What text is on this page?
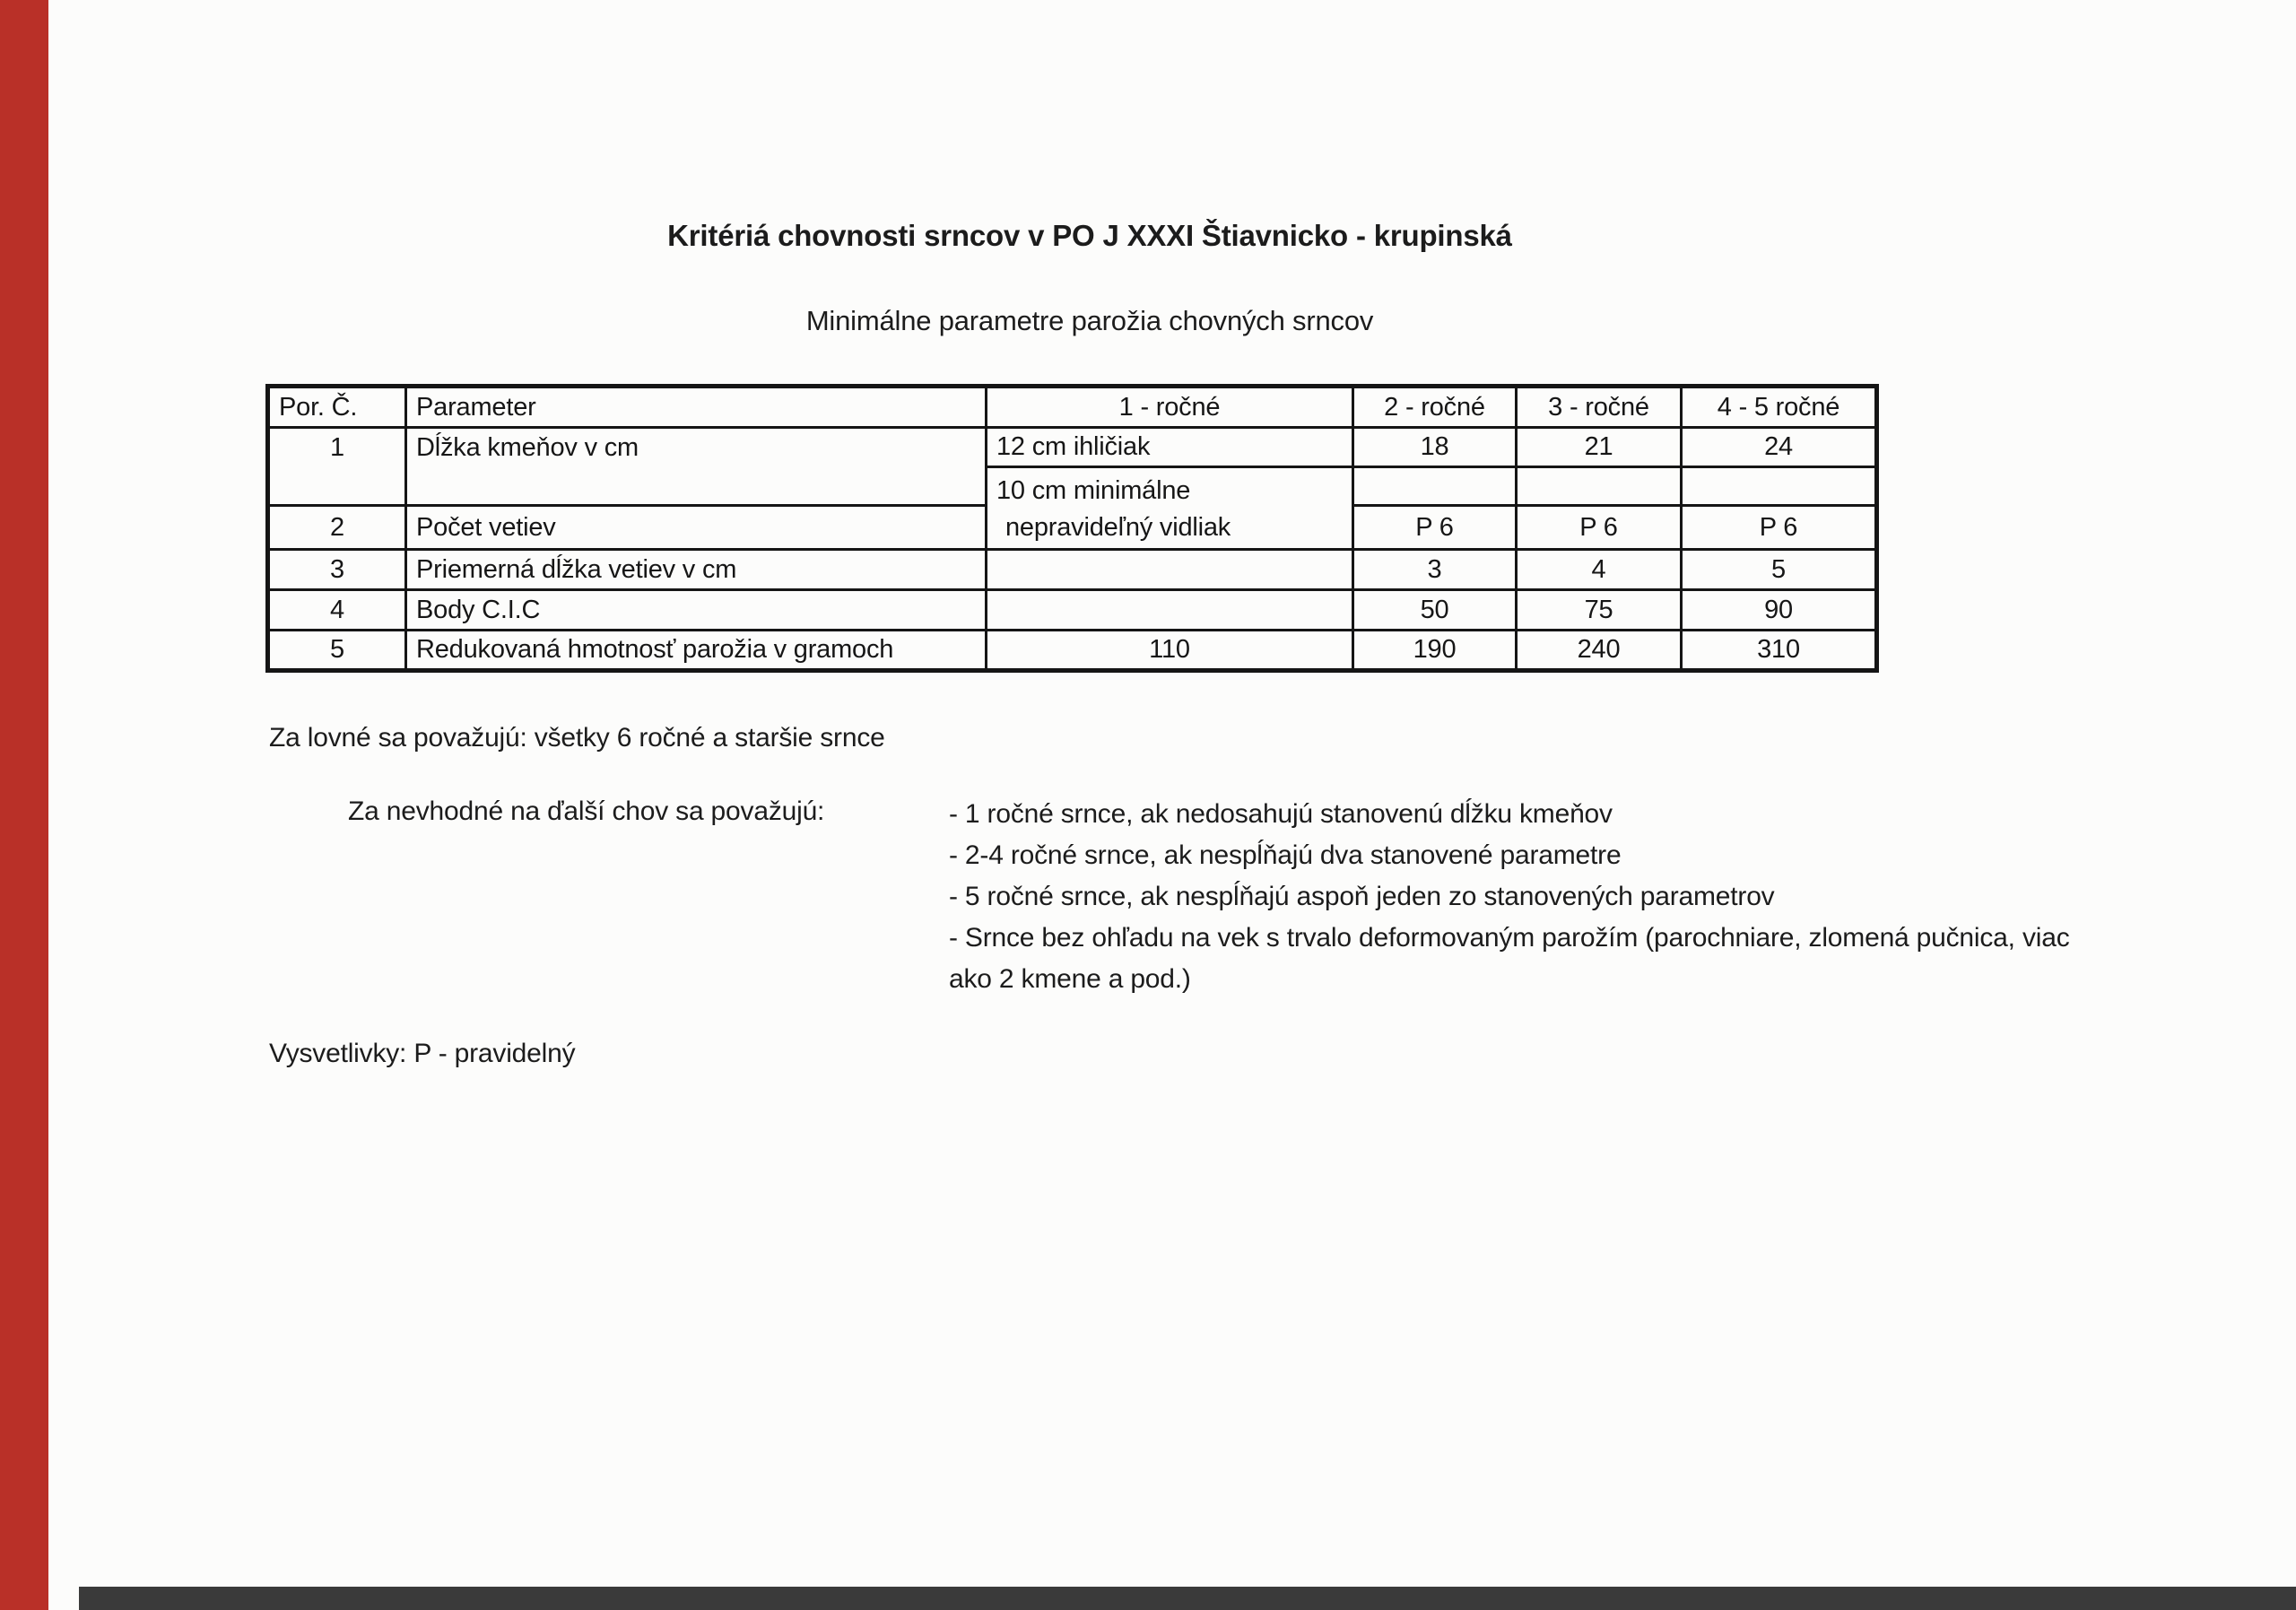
Kritériá chovnosti srncov v PO J XXXI Štiavnicko - krupinská
Minimálne parametre parožia chovných srncov
Por. Č.	Parameter	1 - ročné	2 - ročné	3 - ročné	4 - 5 ročné
1	Dĺžka kmeňov v cm	12 cm ihličiak	18	21	24

		10 cm minimálne
nepravideľný vidliak			

2	Počet vetiev		P 6	P 6	P 6
3	Priemerná dĺžka vetiev v cm		3	4	5
4	Body C.I.C		50	75	90
5	Redukovaná hmotnosť parožia v gramoch	110	190	240	310
Za lovné sa považujú: všetky 6 ročné a staršie srnce
Za nevhodné na ďalší chov sa považujú:	- 1 ročné srnce, ak nedosahujú stanovenú dĺžku kmeňov
- 2-4 ročné srnce, ak nespĺňajú dva stanovené parametre
- 5 ročné srnce, ak nespĺňajú aspoň jeden zo stanovených parametrov
- Srnce bez ohľadu na vek s trvalo deformovaným parožím (parochniare, zlomená pučnica, viac
ako 2 kmene a pod.)
Vysvetlivky: P - pravidelný
